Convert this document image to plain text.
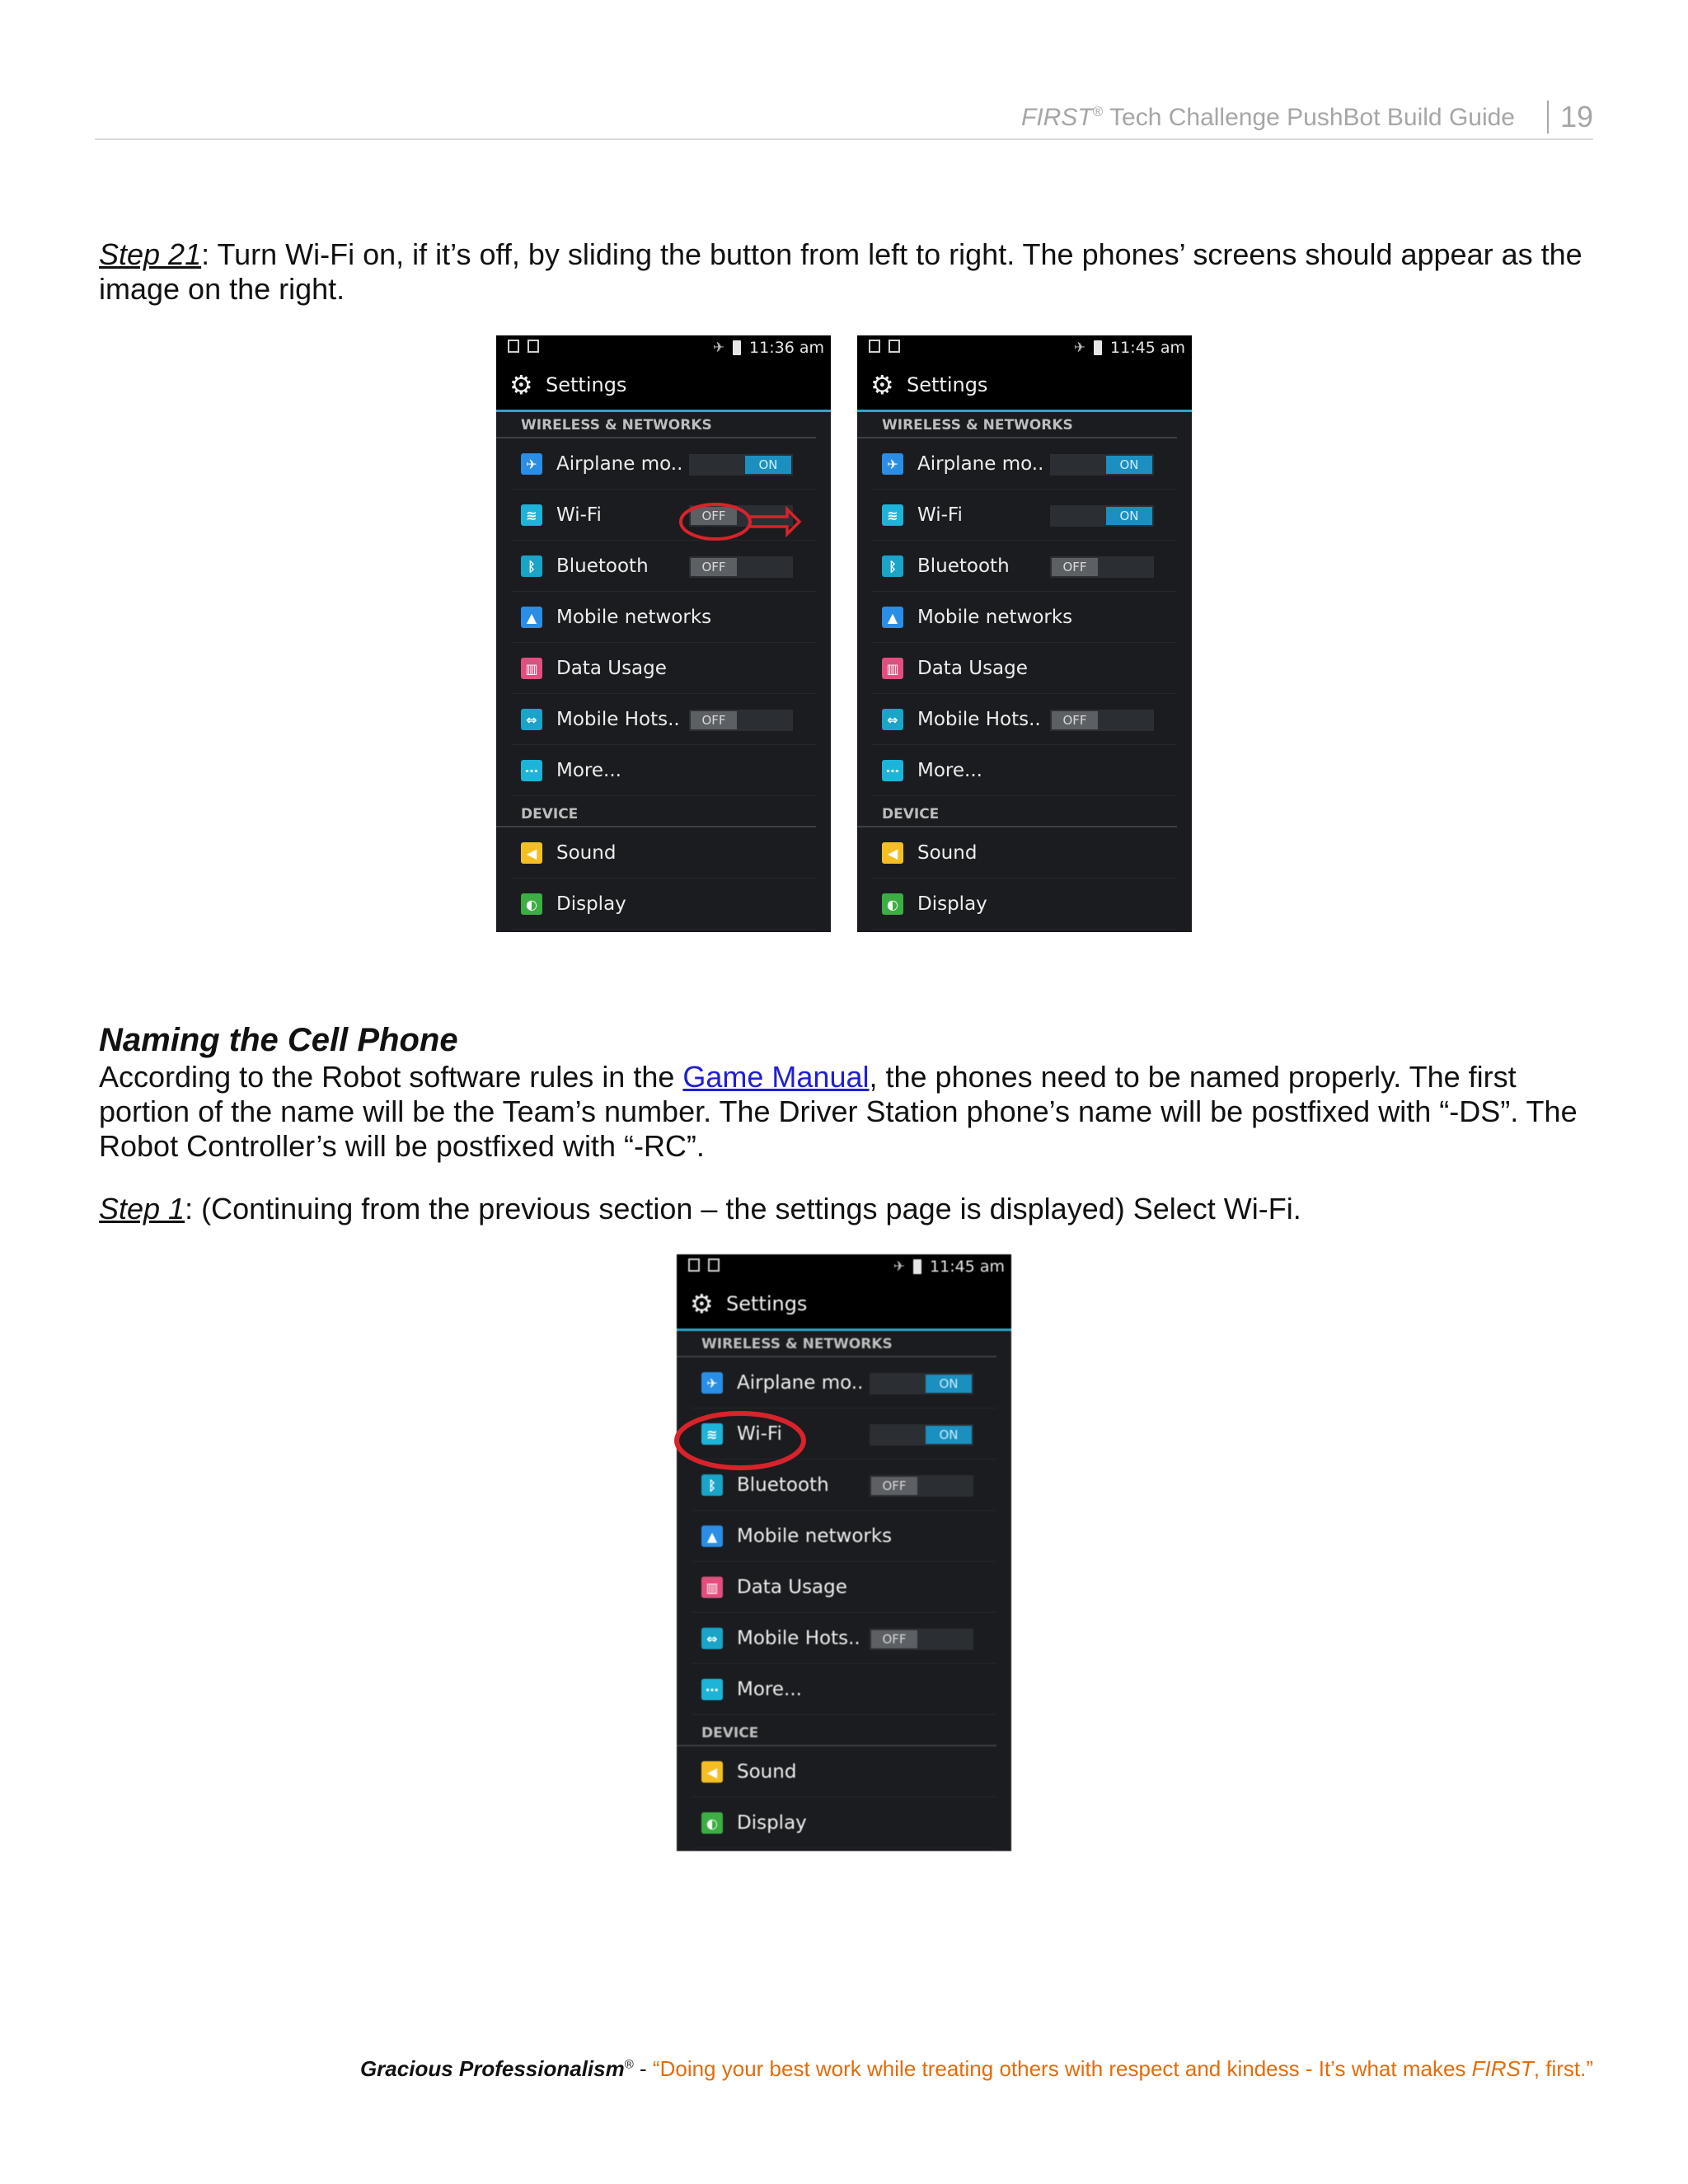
FIRST® Tech Challenge PushBot Build Guide	19
Step 21: Turn Wi-Fi on, if it’s off, by sliding the button from left to right. The phones’ screens should appear as the image on the right.
✈ 11:36 am
⚙ Settings
WIRELESS & NETWORKS
✈ Airplane mo..	ON
≋ Wi-Fi	OFF
ᛒ	Bluetooth	OFF
▲ Mobile networks
▥ Data Usage
⇔ Mobile Hots..	OFF
⋯ More...
DEVICE
◀ Sound
◐ Display
✈ 11:45 am
⚙ Settings
WIRELESS & NETWORKS
✈ Airplane mo..	ON
≋ Wi-Fi	ON
ᛒ	Bluetooth	OFF
▲ Mobile networks
▥ Data Usage
⇔ Mobile Hots..	OFF
⋯ More...
DEVICE
◀ Sound
◐ Display
✈ 11:45 am
⚙ Settings
WIRELESS & NETWORKS
✈ Airplane mo..	ON
≋ Wi-Fi	ON
ᛒ	Bluetooth	OFF
▲ Mobile networks
▥ Data Usage
⇔ Mobile Hots..	OFF
⋯ More...
DEVICE
◀ Sound
◐ Display
Naming the Cell Phone
According to the Robot software rules in the Game Manual, the phones need to be named properly. The first portion of the name will be the Team’s number. The Driver Station phone’s name will be postfixed with “-DS”. The Robot Controller’s will be postfixed with “-RC”.
Step 1: (Continuing from the previous section – the settings page is displayed) Select Wi-Fi.
Gracious Professionalism® - “Doing your best work while treating others with respect and kindess - It’s what makes FIRST, first.”
